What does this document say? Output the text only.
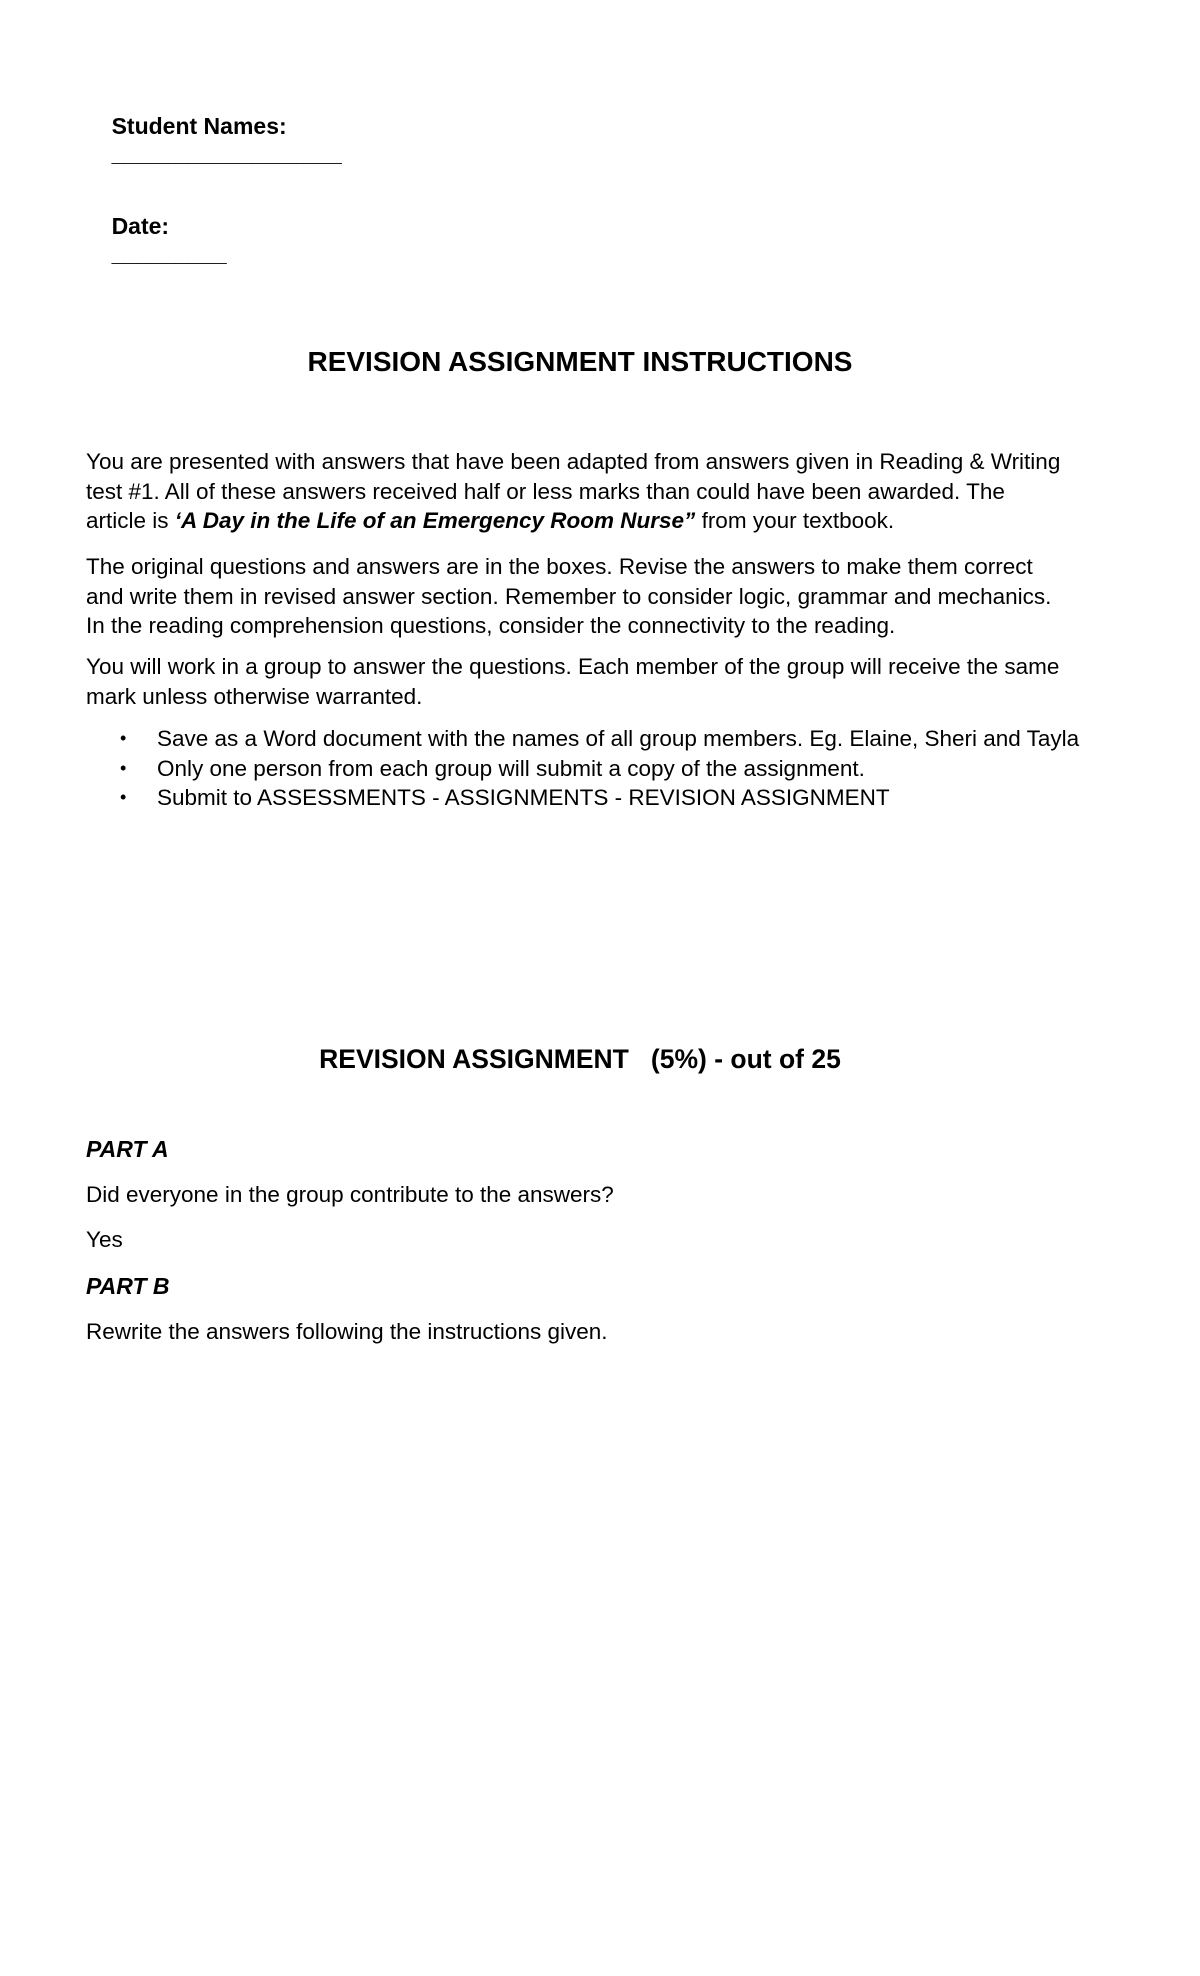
Student Names:
__________________

Date:
_________

REVISION ASSIGNMENT INSTRUCTIONS

You are presented with answers that have been adapted from answers given in Reading & Writing

test #1. All of these answers received half or less marks than could have been awarded. The

article is ‘A Day in the Life of an Emergency Room Nurse” from your textbook.

The original questions and answers are in the boxes. Revise the answers to make them correct

and write them in revised answer section. Remember to consider logic, grammar and mechanics.

In the reading comprehension questions, consider the connectivity to the reading.

You will work in a group to answer the questions. Each member of the group will receive the same

mark unless otherwise warranted.

• Save as a Word document with the names of all group members. Eg. Elaine, Sheri and Tayla
• Only one person from each group will submit a copy of the assignment.
• Submit to ASSESSMENTS - ASSIGNMENTS - REVISION ASSIGNMENT
REVISION ASSIGNMENT   (5%) - out of 25
PART A
Did everyone in the group contribute to the answers?
Yes
PART B
Rewrite the answers following the instructions given.
